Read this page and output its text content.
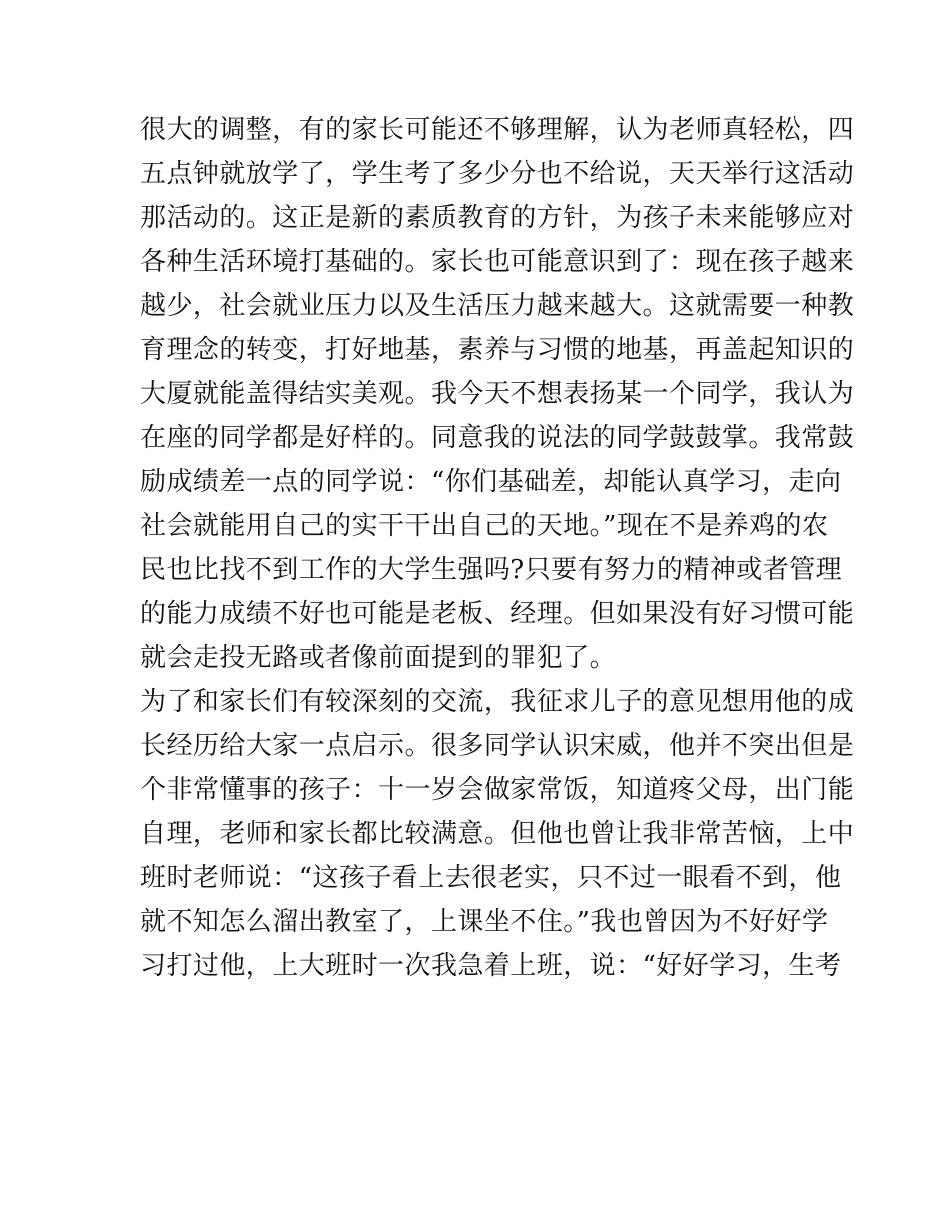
很大的调整，有的家长可能还不够理解，认为老师真轻松，四
五点钟就放学了，学生考了多少分也不给说，天天举行这活动
那活动的。这正是新的素质教育的方针，为孩子未来能够应对
各种生活环境打基础的。家长也可能意识到了：现在孩子越来
越少，社会就业压力以及生活压力越来越大。这就需要一种教
育理念的转变，打好地基，素养与习惯的地基，再盖起知识的
大厦就能盖得结实美观。我今天不想表扬某一个同学，我认为
在座的同学都是好样的。同意我的说法的同学鼓鼓掌。我常鼓
励成绩差一点的同学说：“你们基础差，却能认真学习，走向
社会就能用自己的实干干出自己的天地。”现在不是养鸡的农
民也比找不到工作的大学生强吗?只要有努力的精神或者管理
的能力成绩不好也可能是老板、经理。但如果没有好习惯可能
就会走投无路或者像前面提到的罪犯了。
为了和家长们有较深刻的交流，我征求儿子的意见想用他的成
长经历给大家一点启示。很多同学认识宋威，他并不突出但是
个非常懂事的孩子：十一岁会做家常饭，知道疼父母，出门能
自理，老师和家长都比较满意。但他也曾让我非常苦恼，上中
班时老师说：“这孩子看上去很老实，只不过一眼看不到，他
就不知怎么溜出教室了，上课坐不住。”我也曾因为不好好学
习打过他，上大班时一次我急着上班，说：“好好学习，生考
